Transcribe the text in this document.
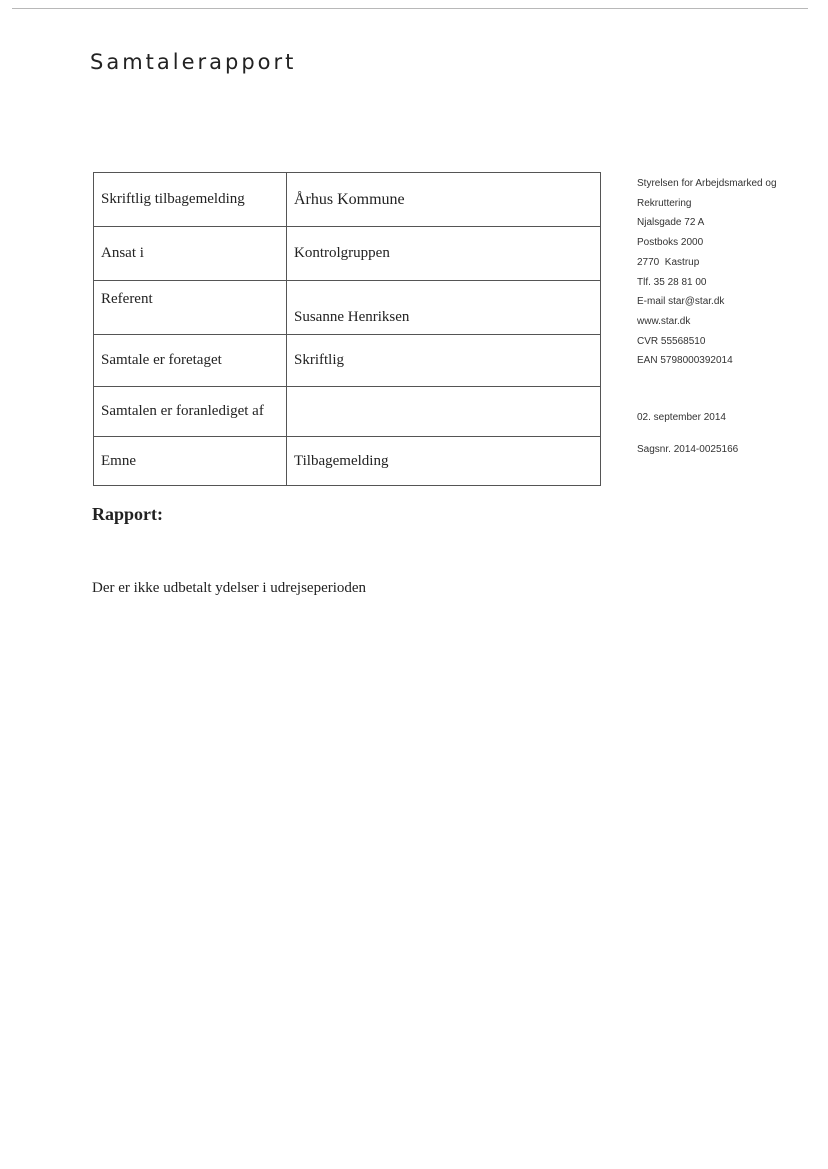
Samtalerapport
Skriftlig tilbagemelding	Århus Kommune
Ansat i	Kontrolgruppen
Referent	Susanne Henriksen
Samtale er foretaget	Skriftlig
Samtalen er foranlediget af	
Emne	Tilbagemelding
Styrelsen for Arbejdsmarked og
Rekruttering
Njalsgade 72 A
Postboks 2000
2770  Kastrup
Tlf. 35 28 81 00
E-mail star@star.dk
www.star.dk
CVR 55568510
EAN 5798000392014
02. september 2014
Sagsnr. 2014-0025166
Rapport:
Der er ikke udbetalt ydelser i udrejseperioden
